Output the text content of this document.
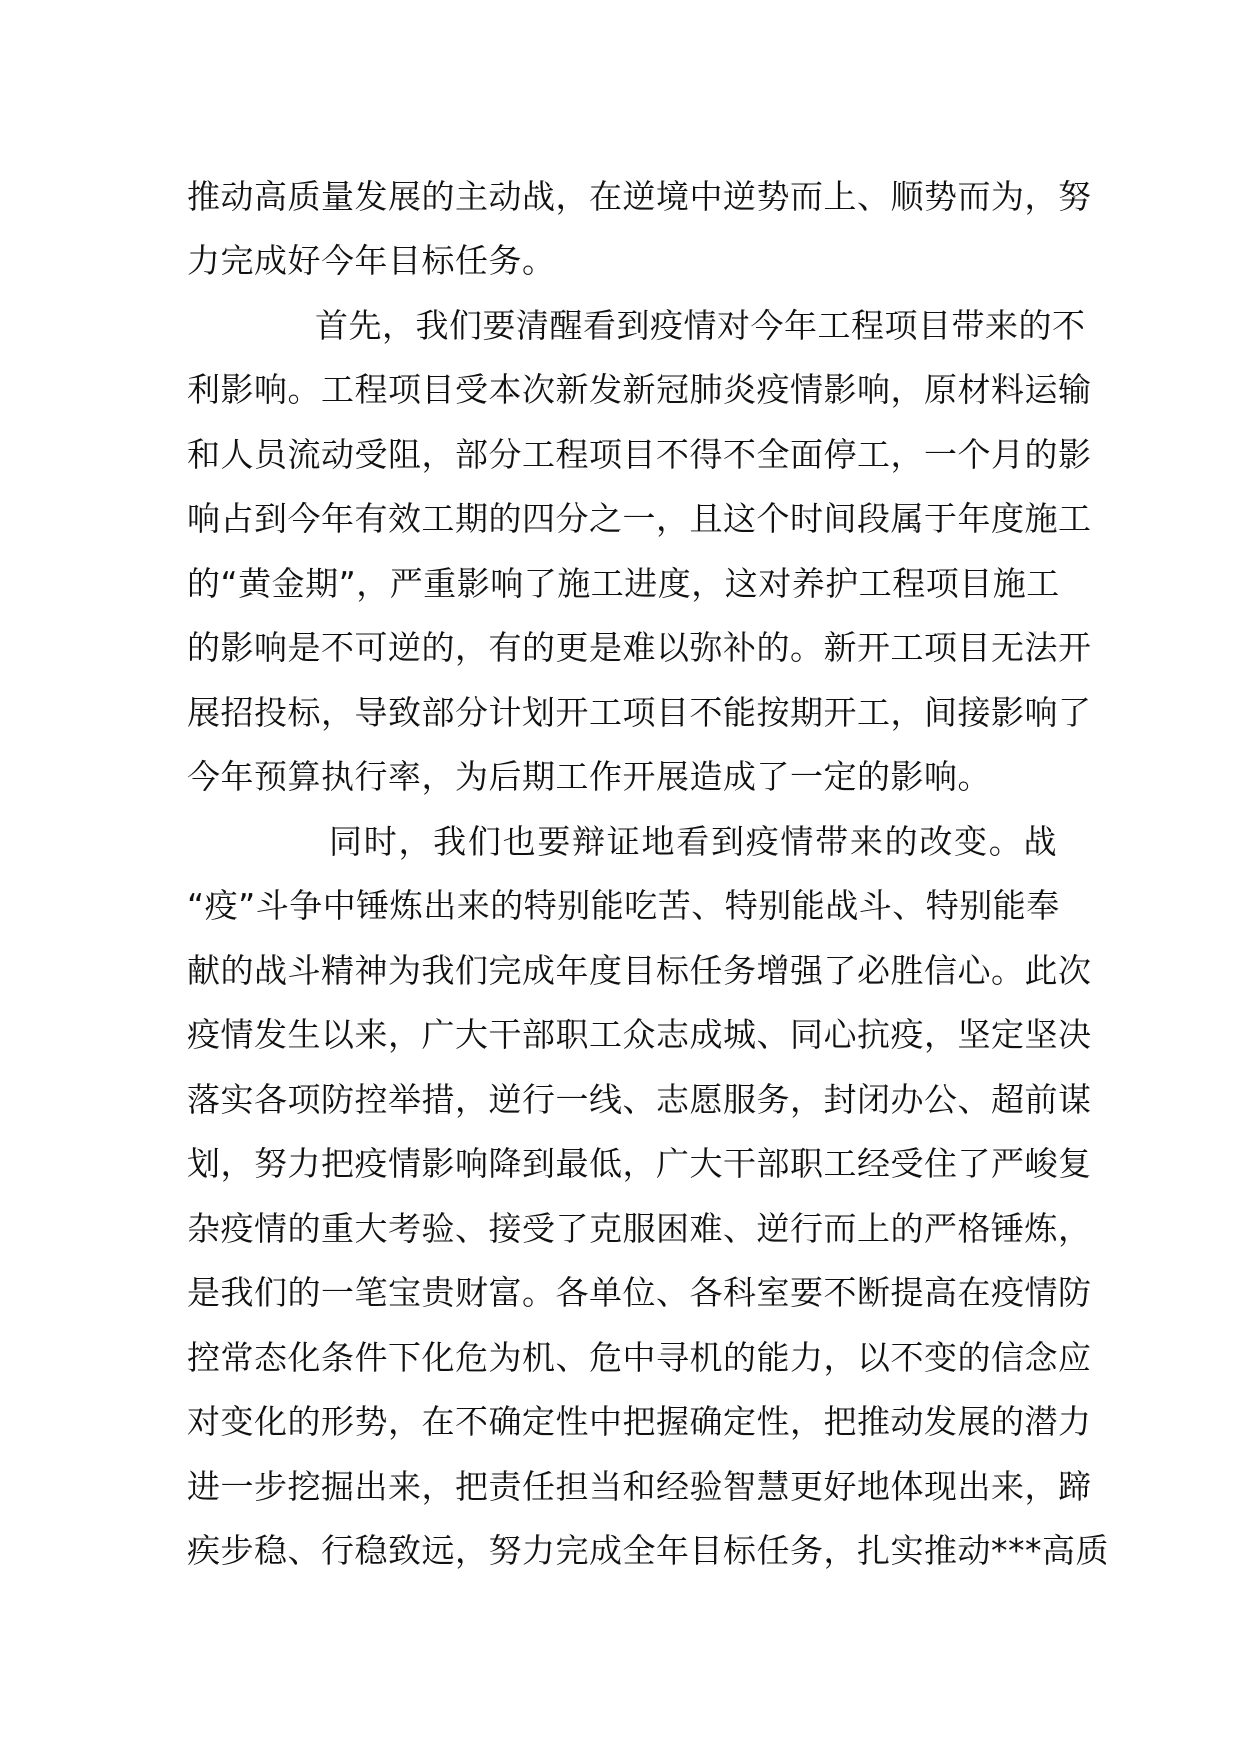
推动高质量发展的主动战，在逆境中逆势而上、顺势而为，努
力完成好今年目标任务。
首先，我们要清醒看到疫情对今年工程项目带来的不
利影响。工程项目受本次新发新冠肺炎疫情影响，原材料运输
和人员流动受阻，部分工程项目不得不全面停工，一个月的影
响占到今年有效工期的四分之一，且这个时间段属于年度施工
的“黄金期”，严重影响了施工进度，这对养护工程项目施工
的影响是不可逆的，有的更是难以弥补的。新开工项目无法开
展招投标，导致部分计划开工项目不能按期开工，间接影响了
今年预算执行率，为后期工作开展造成了一定的影响。
同时，我们也要辩证地看到疫情带来的改变。战
“疫”斗争中锤炼出来的特别能吃苦、特别能战斗、特别能奉
献的战斗精神为我们完成年度目标任务增强了必胜信心。此次
疫情发生以来，广大干部职工众志成城、同心抗疫，坚定坚决
落实各项防控举措，逆行一线、志愿服务，封闭办公、超前谋
划，努力把疫情影响降到最低，广大干部职工经受住了严峻复
杂疫情的重大考验、接受了克服困难、逆行而上的严格锤炼，
是我们的一笔宝贵财富。各单位、各科室要不断提高在疫情防
控常态化条件下化危为机、危中寻机的能力，以不变的信念应
对变化的形势，在不确定性中把握确定性，把推动发展的潜力
进一步挖掘出来，把责任担当和经验智慧更好地体现出来，蹄
疾步稳、行稳致远，努力完成全年目标任务，扎实推动***高质
